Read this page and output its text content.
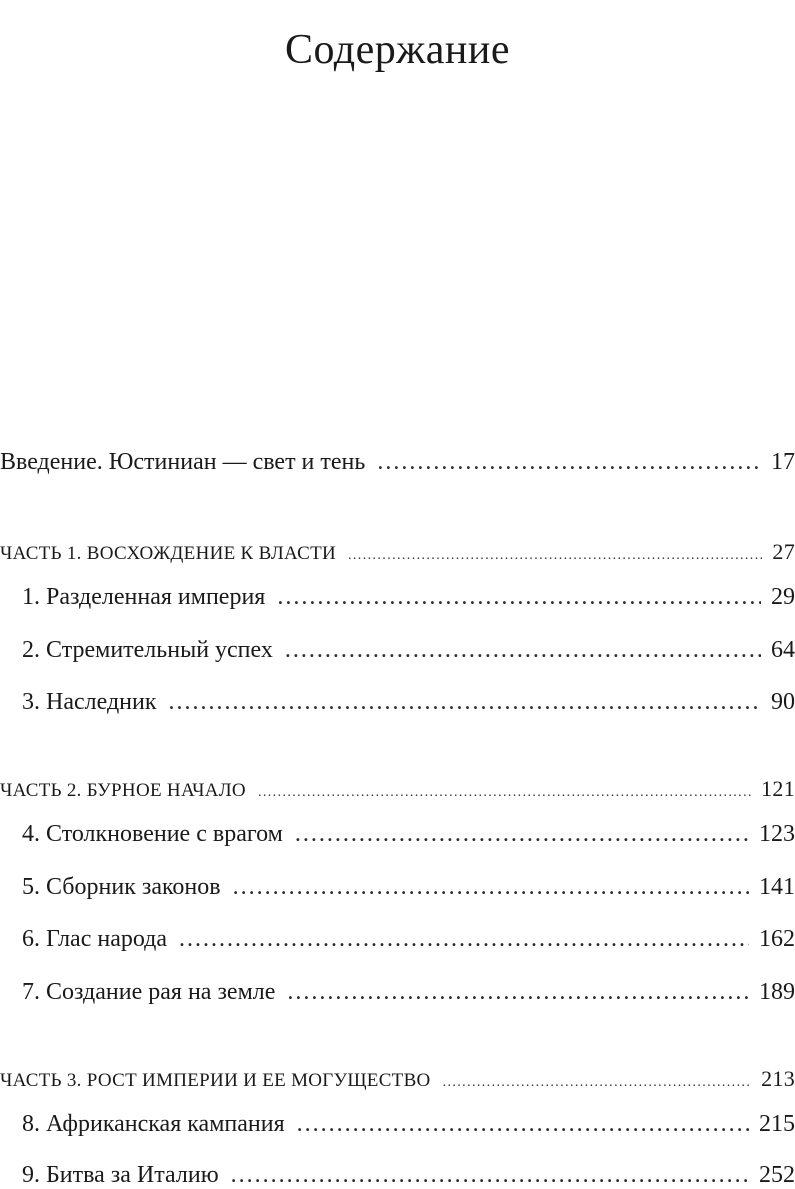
Содержание
Введение. Юстиниан — свет и тень .....	17
ЧАСТЬ 1. ВОСХОЖДЕНИЕ К ВЛАСТИ .....	27
1. Разделенная империя .....	29
2. Стремительный успех .....	64
3. Наследник .....	90
ЧАСТЬ 2. БУРНОЕ НАЧАЛО .....	121
4. Столкновение с врагом .....	123
5. Сборник законов .....	141
6. Глас народа .....	162
7. Создание рая на земле .....	189
ЧАСТЬ 3. РОСТ ИМПЕРИИ И ЕЕ МОГУЩЕСТВО .....	213
8. Африканская кампания .....	215
9. Битва за Италию .....	252
